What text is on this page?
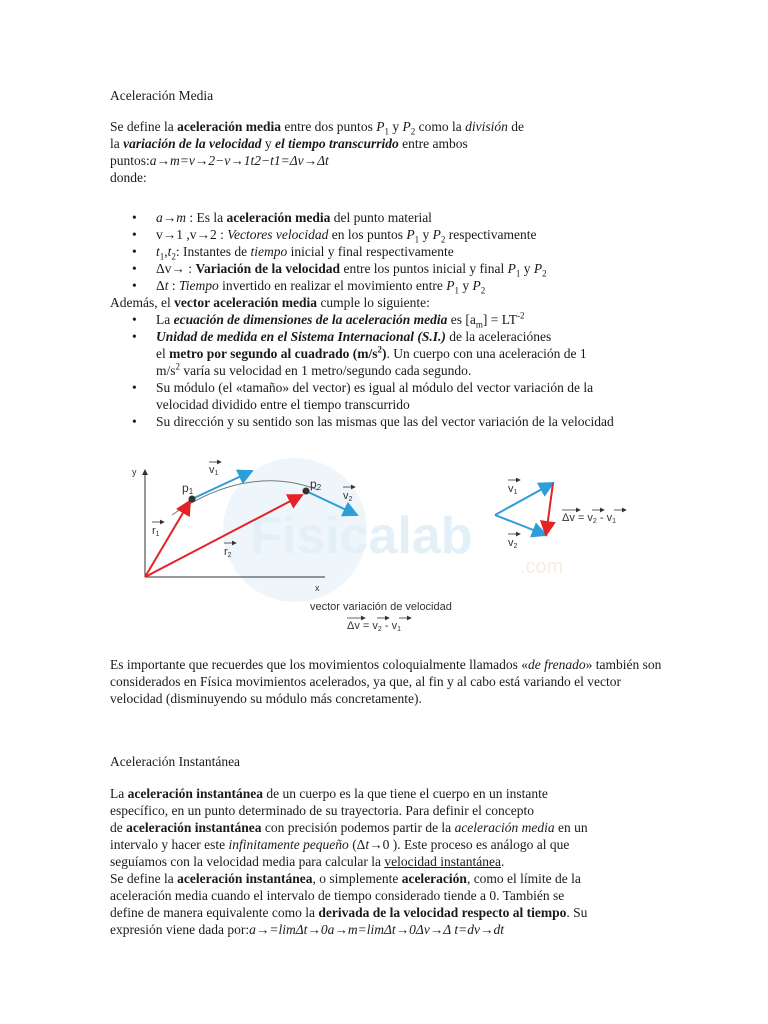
Aceleración Media

Se define la aceleración media entre dos puntos $P_1$ y $P_2$ como la división de

la variación de la velocidad y el tiempo transcurrido entre ambos

puntos:a→m=v→2−v→1t2−t1=Δv→Δt

donde:

• a→m : Es la aceleración media del punto material
• v→1 ,v→2 : Vectores velocidad en los puntos $P_1$ y $P_2$ respectivamente
• $t_1,t_2$: Instantes de tiempo inicial y final respectivamente
• Δv→ : Variación de la velocidad entre los puntos inicial y final $P_1$ y $P_2$
• Δt : Tiempo invertido en realizar el movimiento entre $P_1$ y $P_2$

Además, el vector aceleración media cumple lo siguiente:

• La ecuación de dimensiones de la aceleración media es $[a_m] = LT^{-2}$
• Unidad de medida en el Sistema Internacional (S.I.) de la aceleraciónes
el metro por segundo al cuadrado $(m/s^2)$. Un cuerpo con una aceleración de 1
$m/s^2$ varía su velocidad en 1 metro/segundo cada segundo.
• Su módulo (el «tamaño» del vector) es igual al módulo del vector variación de la velocidad dividido entre el tiempo transcurrido
• Su dirección y su sentido son las mismas que las del vector variación de la velocidad
Fisicalab
.com
y
x
p1
p2
v1
v2
r1
r2
v1
v2
Δv = v2 - v1
vector variación de velocidad
Δv = v2 - v1

Es importante que recuerdes que los movimientos coloquialmente llamados «de frenado» también son considerados en Física movimientos acelerados, ya que, al fin y al cabo está variando el vector velocidad (disminuyendo su módulo más concretamente).

Aceleración Instantánea

La aceleración instantánea de un cuerpo es la que tiene el cuerpo en un instante
específico, en un punto determinado de su trayectoria. Para definir el concepto
de aceleración instantánea con precisión podemos partir de la aceleración media en un
intervalo y hacer este infinitamente pequeño (Δt→0 ). Este proceso es análogo al que
seguíamos con la velocidad media para calcular la velocidad instantánea.

Se define la aceleración instantánea, o simplemente aceleración, como el límite de la
aceleración media cuando el intervalo de tiempo considerado tiende a 0. También se
define de manera equivalente como la derivada de la velocidad respecto al tiempo. Su
expresión viene dada por:a→=limΔt→0a→m=limΔt→0Δv→Δ t=dv→dt
